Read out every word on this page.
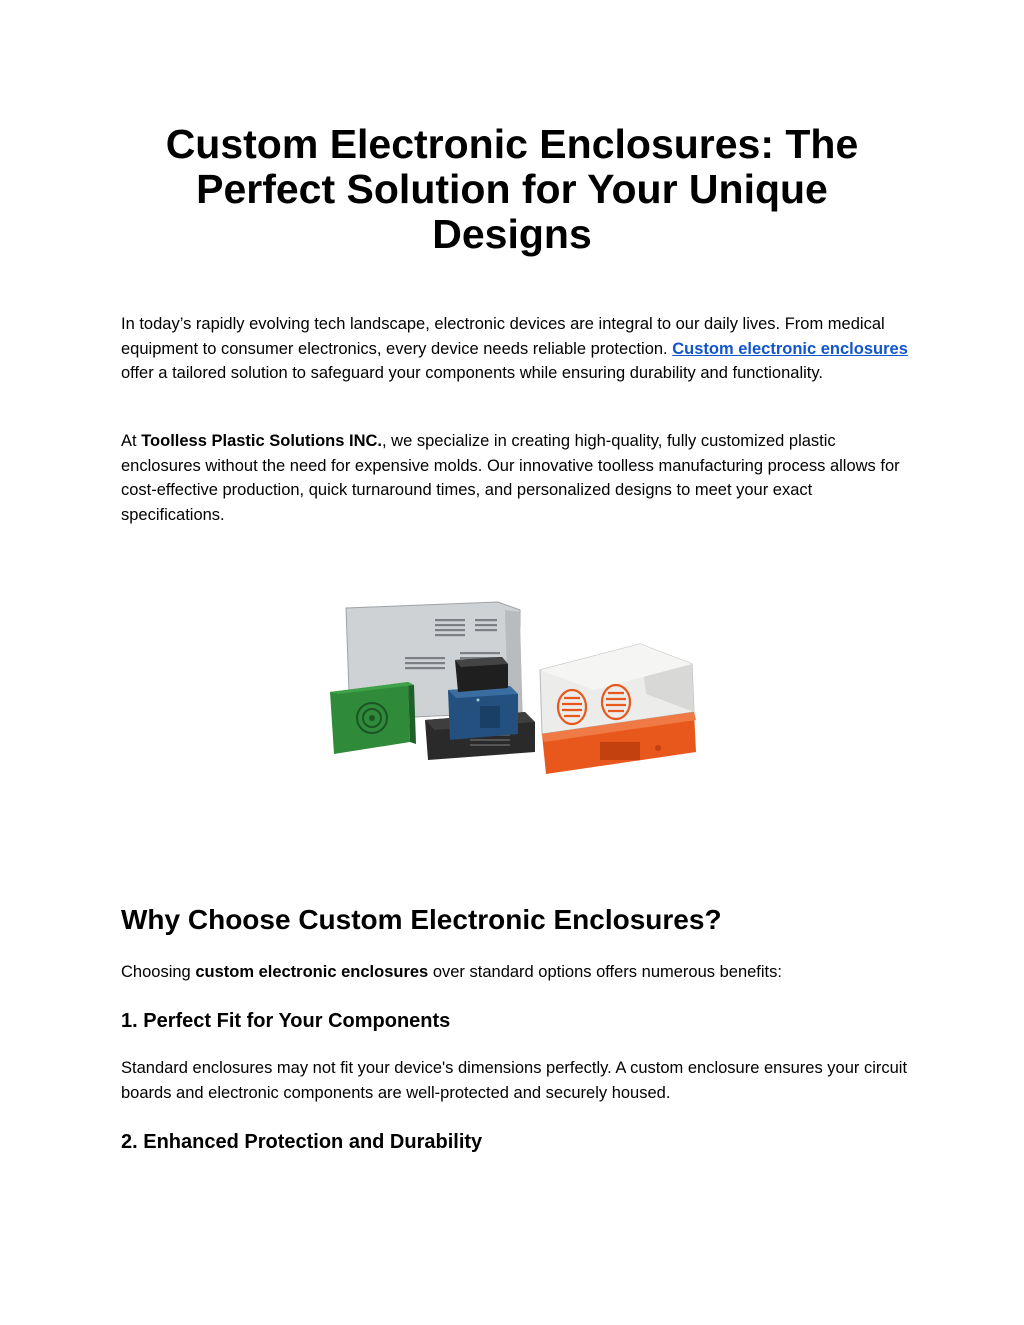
Custom Electronic Enclosures: The Perfect Solution for Your Unique Designs

In today’s rapidly evolving tech landscape, electronic devices are integral to our daily lives. From medical equipment to consumer electronics, every device needs reliable protection. Custom electronic enclosures offer a tailored solution to safeguard your components while ensuring durability and functionality.

At Toolless Plastic Solutions INC., we specialize in creating high-quality, fully customized plastic enclosures without the need for expensive molds. Our innovative toolless manufacturing process allows for cost-effective production, quick turnaround times, and personalized designs to meet your exact specifications.

Why Choose Custom Electronic Enclosures?

Choosing custom electronic enclosures over standard options offers numerous benefits:

1. Perfect Fit for Your Components

Standard enclosures may not fit your device's dimensions perfectly. A custom enclosure ensures your circuit boards and electronic components are well-protected and securely housed.

2. Enhanced Protection and Durability
